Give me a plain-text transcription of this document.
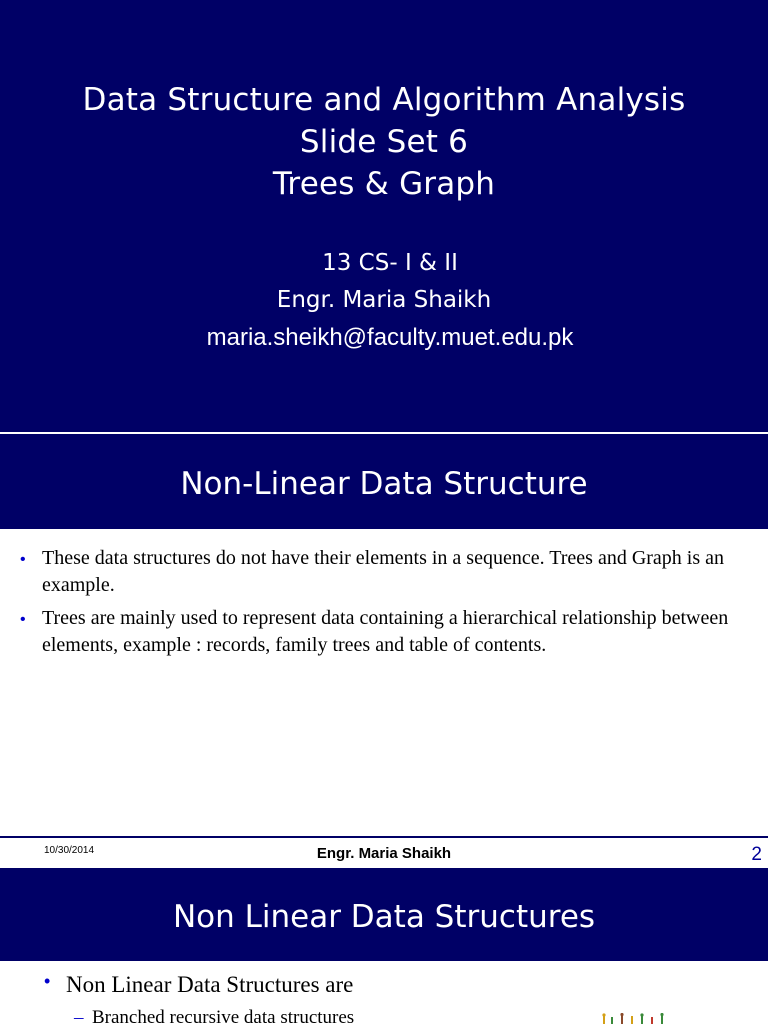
Data Structure and Algorithm Analysis
Slide Set 6
Trees & Graph
13 CS- I & II
Engr. Maria Shaikh
maria.sheikh@faculty.muet.edu.pk
Non-Linear Data Structure
• These data structures do not have their elements in a sequence. Trees and Graph is an example.
• Trees are mainly used to represent data containing a hierarchical relationship between elements, example : records, family trees and table of contents.
10/30/2014	Engr. Maria Shaikh	2
Non Linear Data Structures
• Non Linear Data Structures are
– Branched recursive data structures
